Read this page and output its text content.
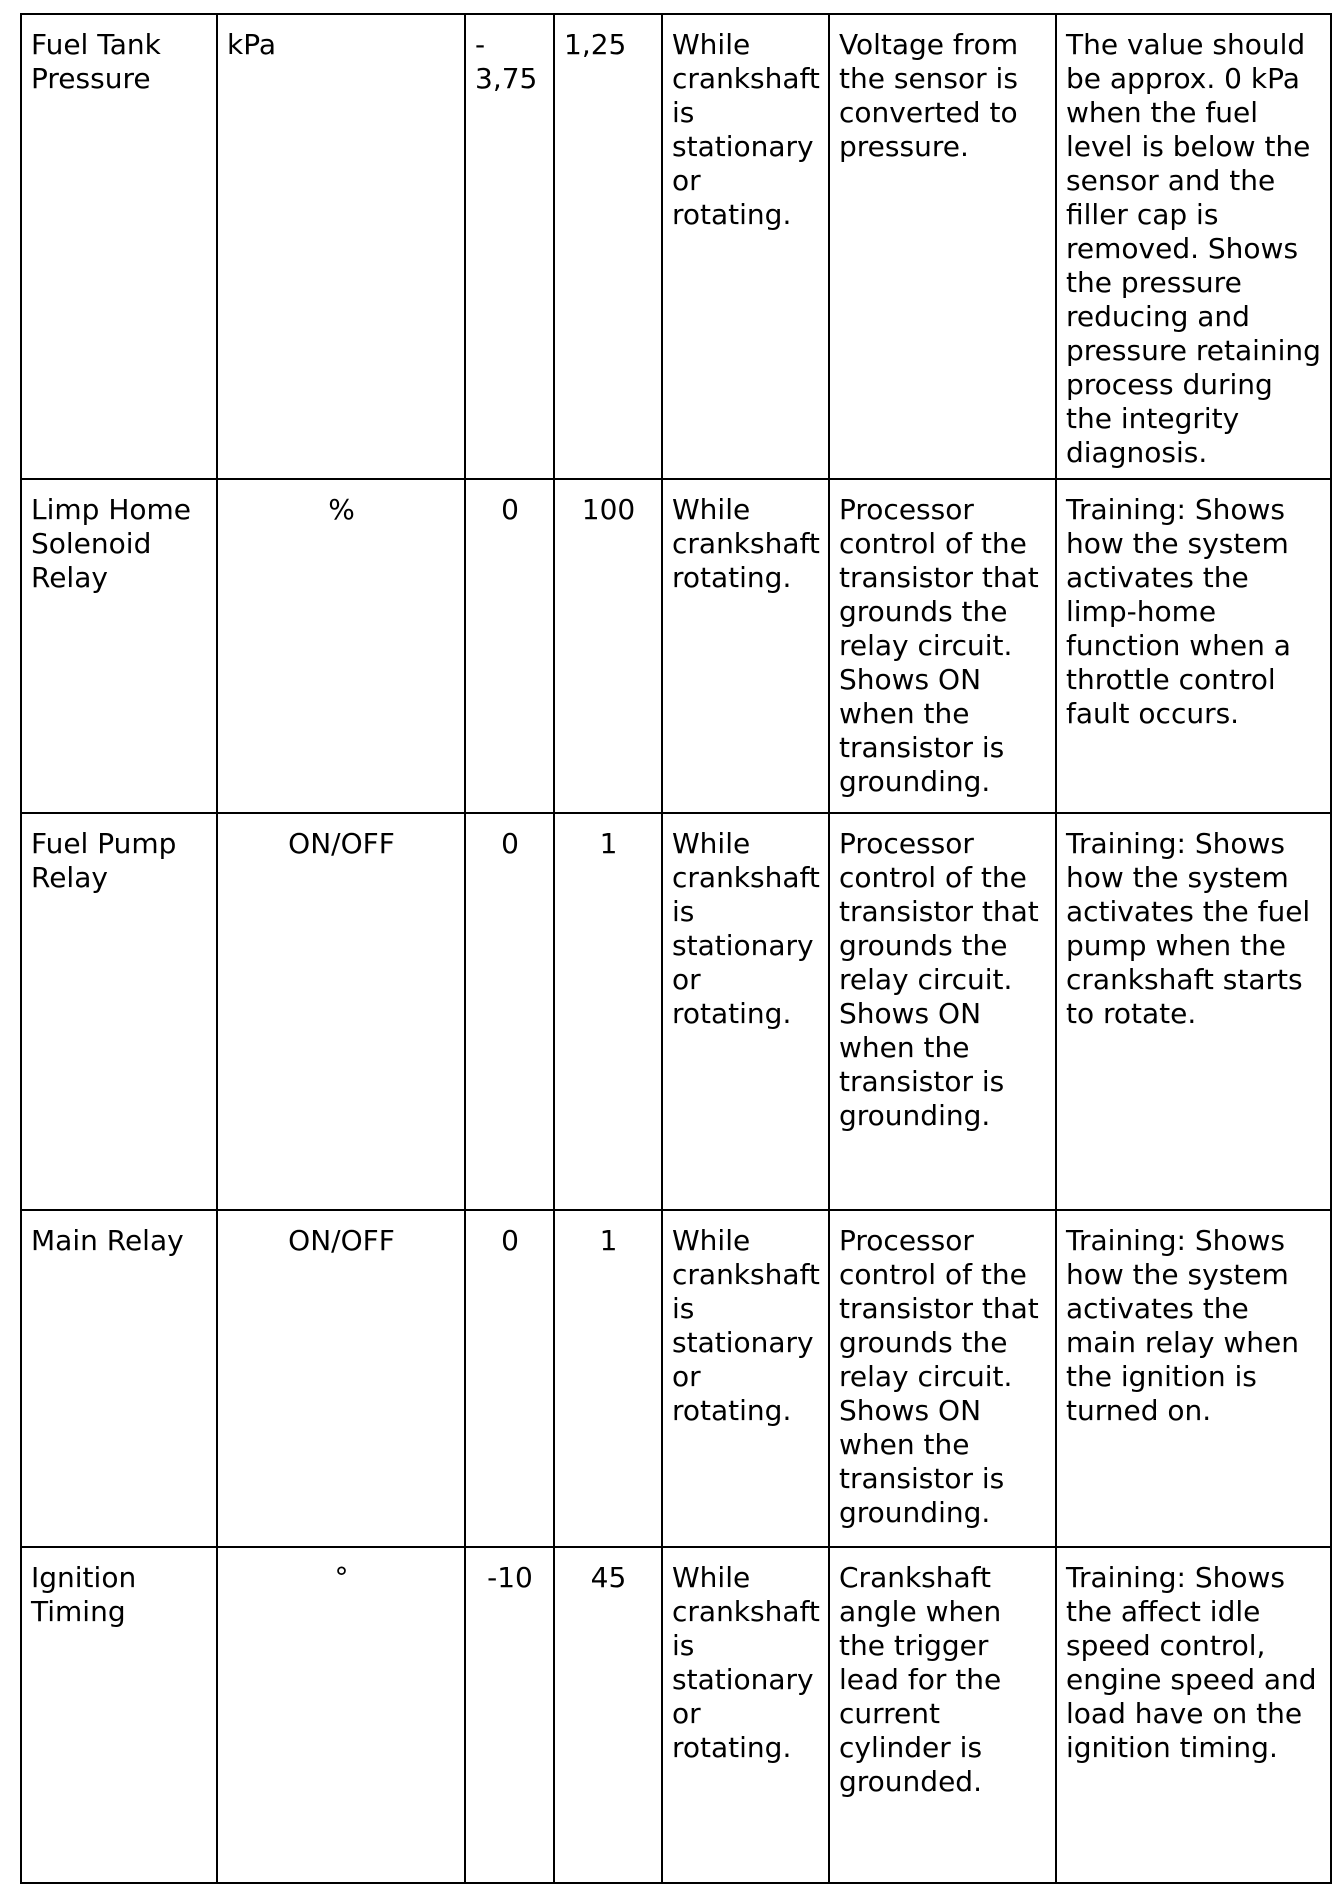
Fuel Tank Pressure	kPa	- 3,75	1,25	While crankshaft is stationary or rotating.	Voltage from the sensor is converted to pressure.	The value should be approx. 0 kPa when the fuel level is below the sensor and the filler cap is removed. Shows the pressure reducing and pressure retaining process during the integrity diagnosis.

Limp Home Solenoid Relay	%	0	100	While crankshaft rotating.	Processor control of the transistor that grounds the relay circuit. Shows ON when the transistor is grounding.	Training: Shows how the system activates the limp-home function when a throttle control fault occurs.

Fuel Pump Relay	ON/OFF	0	1	While crankshaft is stationary or rotating.	Processor control of the transistor that grounds the relay circuit. Shows ON when the transistor is grounding.	Training: Shows how the system activates the fuel pump when the crankshaft starts to rotate.

Main Relay	ON/OFF	0	1	While crankshaft is stationary or rotating.	Processor control of the transistor that grounds the relay circuit. Shows ON when the transistor is grounding.	Training: Shows how the system activates the main relay when the ignition is turned on.

Ignition Timing	°	-10	45	While crankshaft is stationary or rotating.	Crankshaft angle when the trigger lead for the current cylinder is grounded.	Training: Shows the affect idle speed control, engine speed and load have on the ignition timing.
